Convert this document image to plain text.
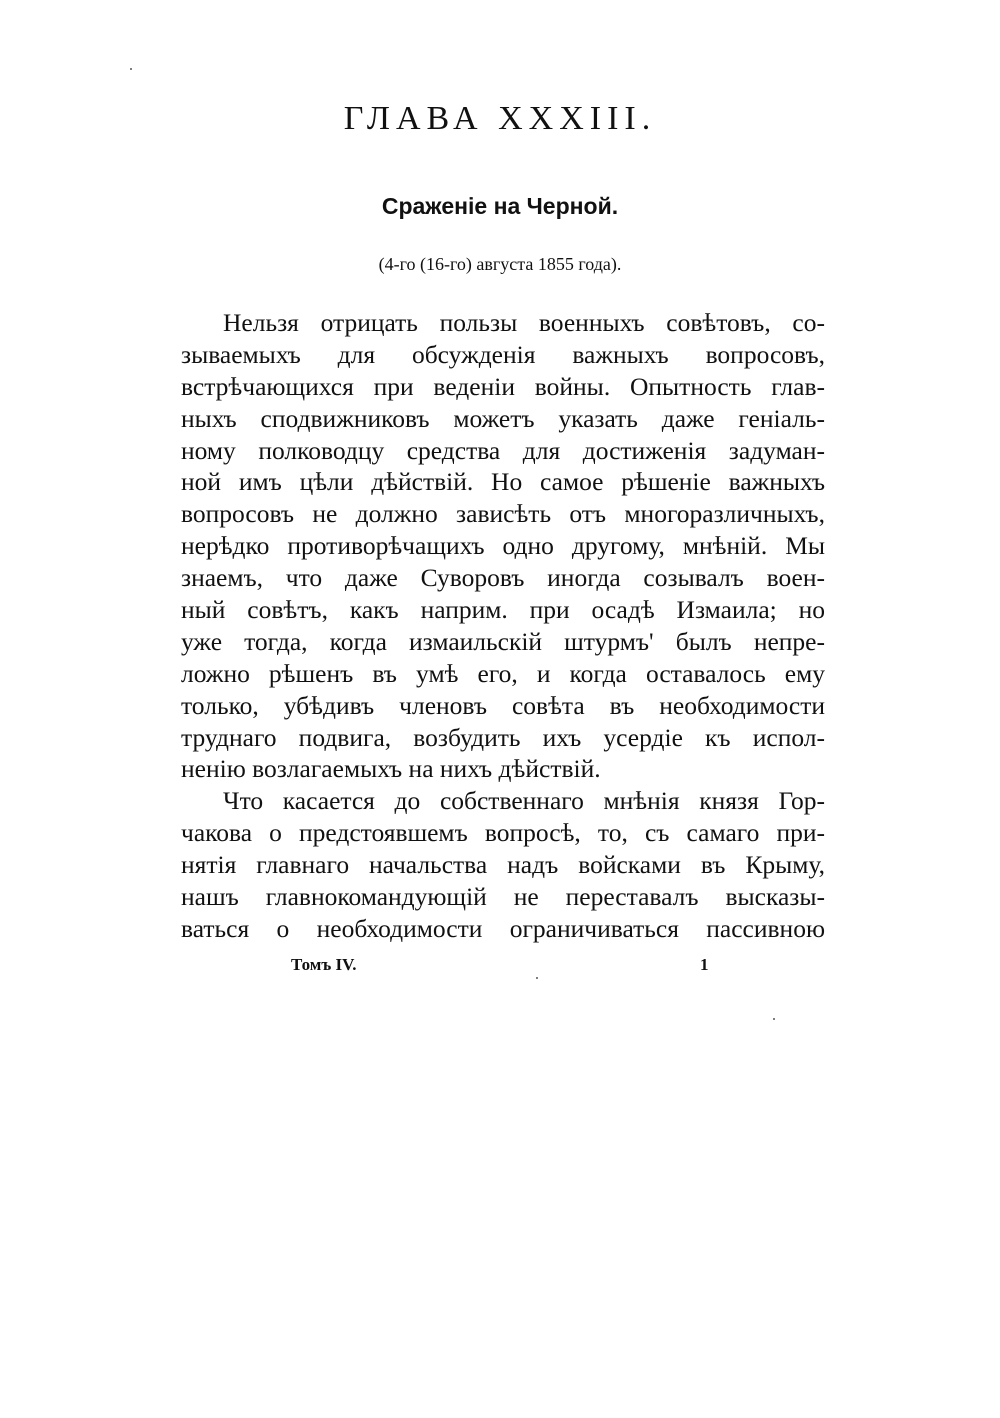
ГЛАВА XXXIII.
Сраженіе на Черной.

(4-го (16-го) августа 1855 года).

Нельзя отрицать пользы военныхъ совѣтовъ, со-
зываемыхъ для обсужденія важныхъ вопросовъ,
встрѣчающихся при веденіи войны. Опытность глав-
ныхъ сподвижниковъ можетъ указать даже геніаль-
ному полководцу средства для достиженія задуман-
ной имъ цѣли дѣйствій. Но самое рѣшеніе важныхъ
вопросовъ не должно зависѣть отъ многоразличныхъ,
нерѣдко противорѣчащихъ одно другому, мнѣній. Мы
знаемъ, что даже Суворовъ иногда созывалъ воен-
ный совѣтъ, какъ наприм. при осадѣ Измаила; но
уже тогда, когда измаильскій штурмъ' былъ непре-
ложно рѣшенъ въ умѣ его, и когда оставалось ему
только, убѣдивъ членовъ совѣта въ необходимости
труднаго подвига, возбудить ихъ усердіе къ испол-
ненію возлагаемыхъ на нихъ дѣйствій.
Что касается до собственнаго мнѣнія князя Гор-
чакова о предстоявшемъ вопросѣ, то, съ самаго при-
нятія главнаго начальства надъ войсками въ Крыму,
нашъ главнокомандующій не переставалъ высказы-
ваться о необходимости ограничиваться пассивною
Томъ IV.	1
